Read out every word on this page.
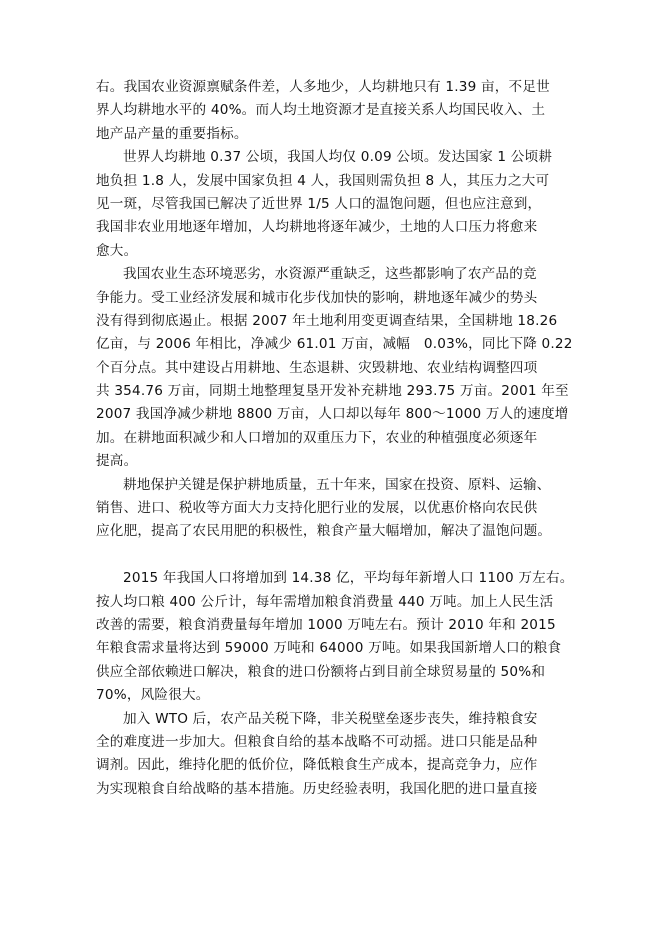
右。我国农业资源禀赋条件差，人多地少，人均耕地只有 1.39 亩，不足世
界人均耕地水平的 40%。而人均土地资源才是直接关系人均国民收入、土
地产品产量的重要指标。
世界人均耕地 0.37 公顷，我国人均仅 0.09 公顷。发达国家 1 公顷耕
地负担 1.8 人，发展中国家负担 4 人，我国则需负担 8 人，其压力之大可
见一斑，尽管我国已解决了近世界 1/5 人口的温饱问题，但也应注意到，
我国非农业用地逐年增加，人均耕地将逐年减少，土地的人口压力将愈来
愈大。
我国农业生态环境恶劣，水资源严重缺乏，这些都影响了农产品的竞
争能力。受工业经济发展和城市化步伐加快的影响，耕地逐年减少的势头
没有得到彻底遏止。根据 2007 年土地利用变更调查结果，全国耕地 18.26
亿亩，与 2006 年相比，净减少 61.01 万亩，减幅　0.03%，同比下降 0.22
个百分点。其中建设占用耕地、生态退耕、灾毁耕地、农业结构调整四项
共 354.76 万亩，同期土地整理复垦开发补充耕地 293.75 万亩。2001 年至
2007 我国净减少耕地 8800 万亩，人口却以每年 800～1000 万人的速度增
加。在耕地面积减少和人口增加的双重压力下，农业的种植强度必须逐年
提高。
耕地保护关键是保护耕地质量，五十年来，国家在投资、原料、运输、
销售、进口、税收等方面大力支持化肥行业的发展，以优惠价格向农民供
应化肥，提高了农民用肥的积极性，粮食产量大幅增加，解决了温饱问题。
2015 年我国人口将增加到 14.38 亿，平均每年新增人口 1100 万左右。
按人均口粮 400 公斤计，每年需增加粮食消费量 440 万吨。加上人民生活
改善的需要，粮食消费量每年增加 1000 万吨左右。预计 2010 年和 2015
年粮食需求量将达到 59000 万吨和 64000 万吨。如果我国新增人口的粮食
供应全部依赖进口解决，粮食的进口份额将占到目前全球贸易量的 50%和
70%，风险很大。
加入 WTO 后，农产品关税下降，非关税壁垒逐步丧失，维持粮食安
全的难度进一步加大。但粮食自给的基本战略不可动摇。进口只能是品种
调剂。因此，维持化肥的低价位，降低粮食生产成本，提高竞争力，应作
为实现粮食自给战略的基本措施。历史经验表明，我国化肥的进口量直接
